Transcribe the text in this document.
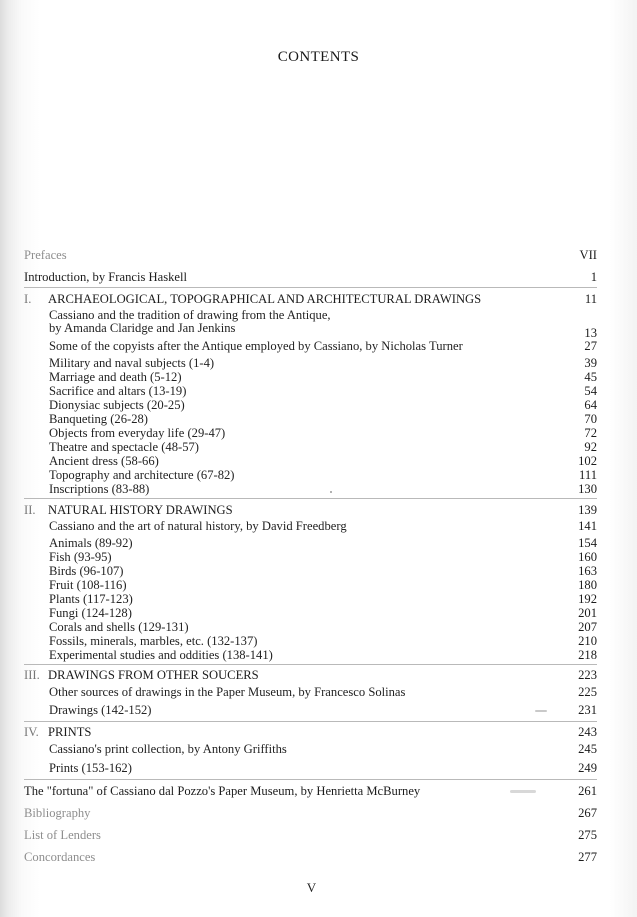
CONTENTS
Prefaces	VII
Introduction, by Francis Haskell	1
I. ARCHAEOLOGICAL, TOPOGRAPHICAL AND ARCHITECTURAL DRAWINGS	11
Cassiano and the tradition of drawing from the Antique,
by Amanda Claridge and Jan Jenkins	13
Some of the copyists after the Antique employed by Cassiano, by Nicholas Turner	27
Military and naval subjects (1-4)	39
Marriage and death (5-12)	45
Sacrifice and altars (13-19)	54
Dionysiac subjects (20-25)	64
Banqueting (26-28)	70
Objects from everyday life (29-47)	72
Theatre and spectacle (48-57)	92
Ancient dress (58-66)	102
Topography and architecture (67-82)	111
Inscriptions (83-88)	130
II. NATURAL HISTORY DRAWINGS	139
Cassiano and the art of natural history, by David Freedberg	141
Animals (89-92)	154
Fish (93-95)	160
Birds (96-107)	163
Fruit (108-116)	180
Plants (117-123)	192
Fungi (124-128)	201
Corals and shells (129-131)	207
Fossils, minerals, marbles, etc. (132-137)	210
Experimental studies and oddities (138-141)	218
III. DRAWINGS FROM OTHER SOUCERS	223
Other sources of drawings in the Paper Museum, by Francesco Solinas	225
Drawings (142-152)	231
IV. PRINTS	243
Cassiano's print collection, by Antony Griffiths	245
Prints (153-162)	249
The "fortuna" of Cassiano dal Pozzo's Paper Museum, by Henrietta McBurney	261
Bibliography	267
List of Lenders	275
Concordances	277
V
